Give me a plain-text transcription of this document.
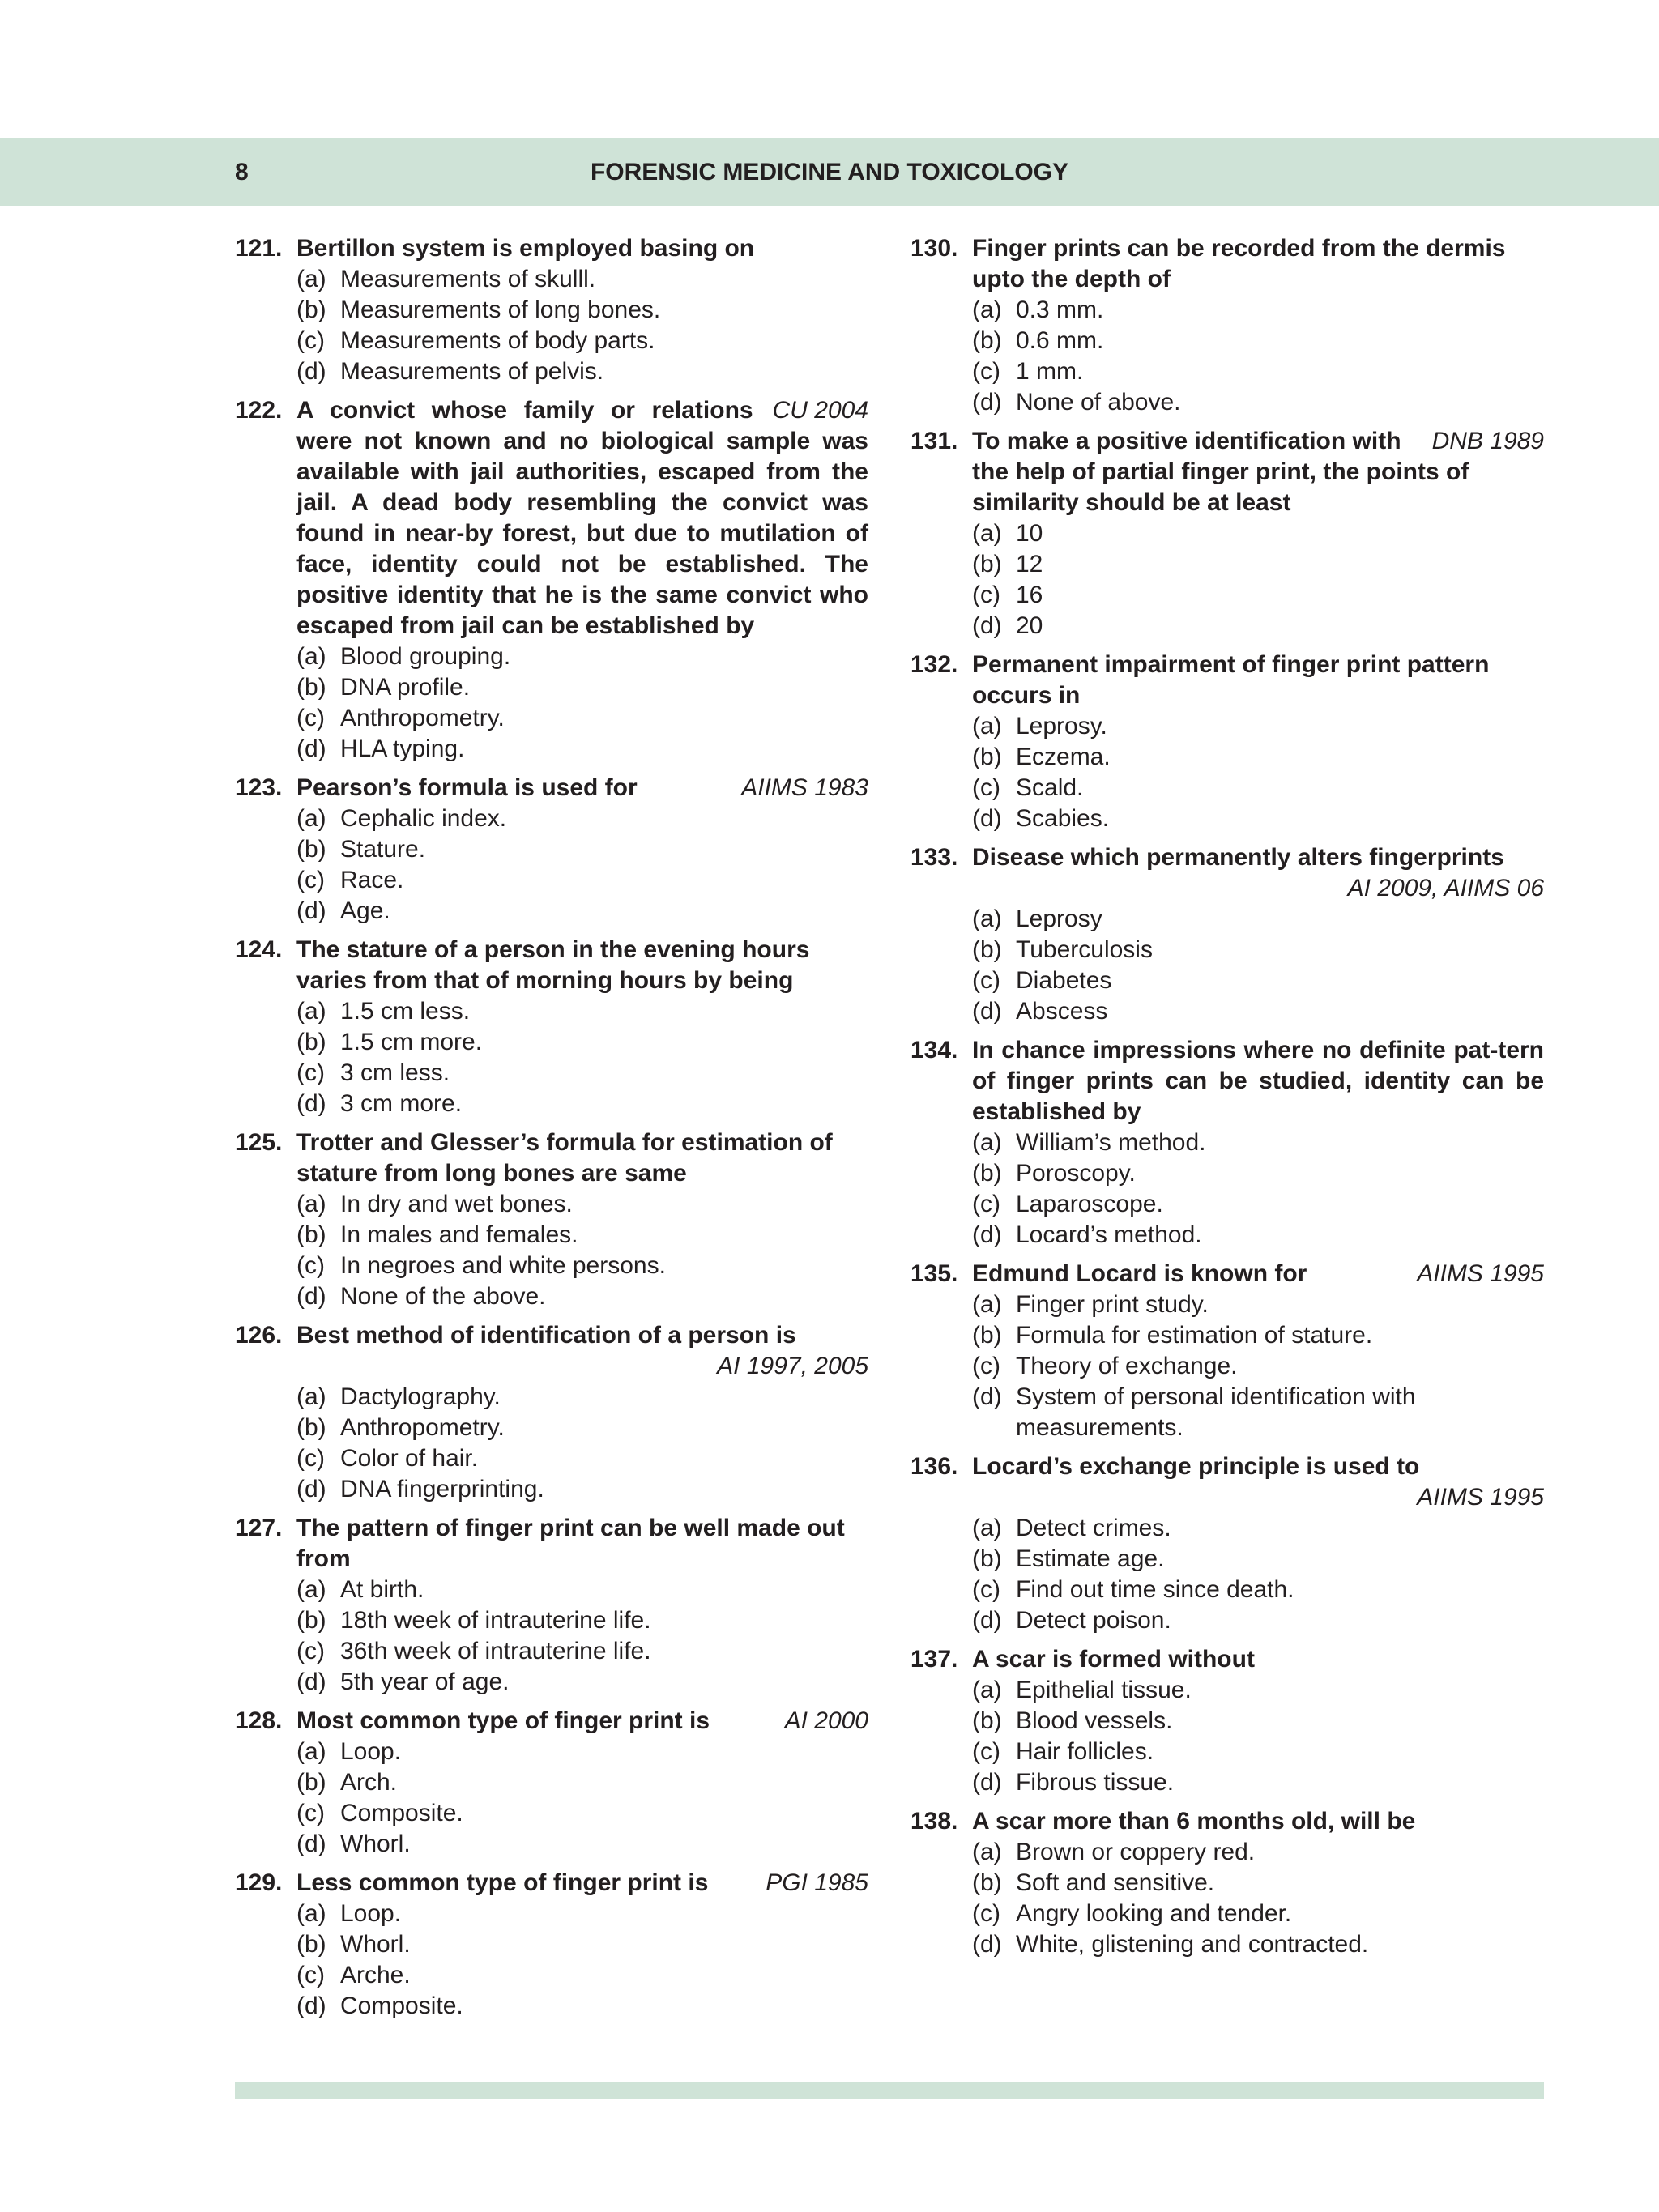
8	FORENSIC MEDICINE AND TOXICOLOGY
121. Bertillon system is employed basing on
(a) Measurements of skulll.
(b) Measurements of long bones.
(c) Measurements of body parts.
(d) Measurements of pelvis.
122.	CU 2004
A convict whose family or relations were not known and no biological sample was available with jail authorities, escaped from the jail. A dead body resembling the convict was found in near-by forest, but due to mutilation of face, identity could not be established. The positive identity that he is the same convict who escaped from jail can be established by
(a) Blood grouping.
(b) DNA profile.
(c) Anthropometry.
(d) HLA typing.
123.	AIIMS 1983
Pearson’s formula is used for
(a) Cephalic index.
(b) Stature.
(c) Race.
(d) Age.
124. The stature of a person in the evening hours varies from that of morning hours by being
(a) 1.5 cm less.
(b) 1.5 cm more.
(c) 3 cm less.
(d) 3 cm more.
125. Trotter and Glesser’s formula for estimation of stature from long bones are same
(a) In dry and wet bones.
(b) In males and females.
(c) In negroes and white persons.
(d) None of the above.
126. Best method of identification of a person is
AI 1997, 2005
(a) Dactylography.
(b) Anthropometry.
(c) Color of hair.
(d) DNA fingerprinting.
127. The pattern of finger print can be well made out from
(a) At birth.
(b) 18th week of intrauterine life.
(c) 36th week of intrauterine life.
(d) 5th year of age.
128.	AI 2000
Most common type of finger print is
(a) Loop.
(b) Arch.
(c) Composite.
(d) Whorl.
129.	PGI 1985
Less common type of finger print is
(a) Loop.
(b) Whorl.
(c) Arche.
(d) Composite.
130. Finger prints can be recorded from the dermis upto the depth of
(a) 0.3 mm.
(b) 0.6 mm.
(c) 1 mm.
(d) None of above.
131.	DNB 1989
To make a positive identification with the help of partial finger print, the points of similarity should be at least
(a) 10
(b) 12
(c) 16
(d) 20
132. Permanent impairment of finger print pattern occurs in
(a) Leprosy.
(b) Eczema.
(c) Scald.
(d) Scabies.
133. Disease which permanently alters fingerprints
AI 2009, AIIMS 06
(a) Leprosy
(b) Tuberculosis
(c) Diabetes
(d) Abscess
134. In chance impressions where no definite pat-tern of finger prints can be studied, identity can be established by
(a) William’s method.
(b) Poroscopy.
(c) Laparoscope.
(d) Locard’s method.
135.	AIIMS 1995
Edmund Locard is known for
(a) Finger print study.
(b) Formula for estimation of stature.
(c) Theory of exchange.
(d) System of personal identification with measurements.
136. Locard’s exchange principle is used to
AIIMS 1995
(a) Detect crimes.
(b) Estimate age.
(c) Find out time since death.
(d) Detect poison.
137. A scar is formed without
(a) Epithelial tissue.
(b) Blood vessels.
(c) Hair follicles.
(d) Fibrous tissue.
138. A scar more than 6 months old, will be
(a) Brown or coppery red.
(b) Soft and sensitive.
(c) Angry looking and tender.
(d) White, glistening and contracted.
